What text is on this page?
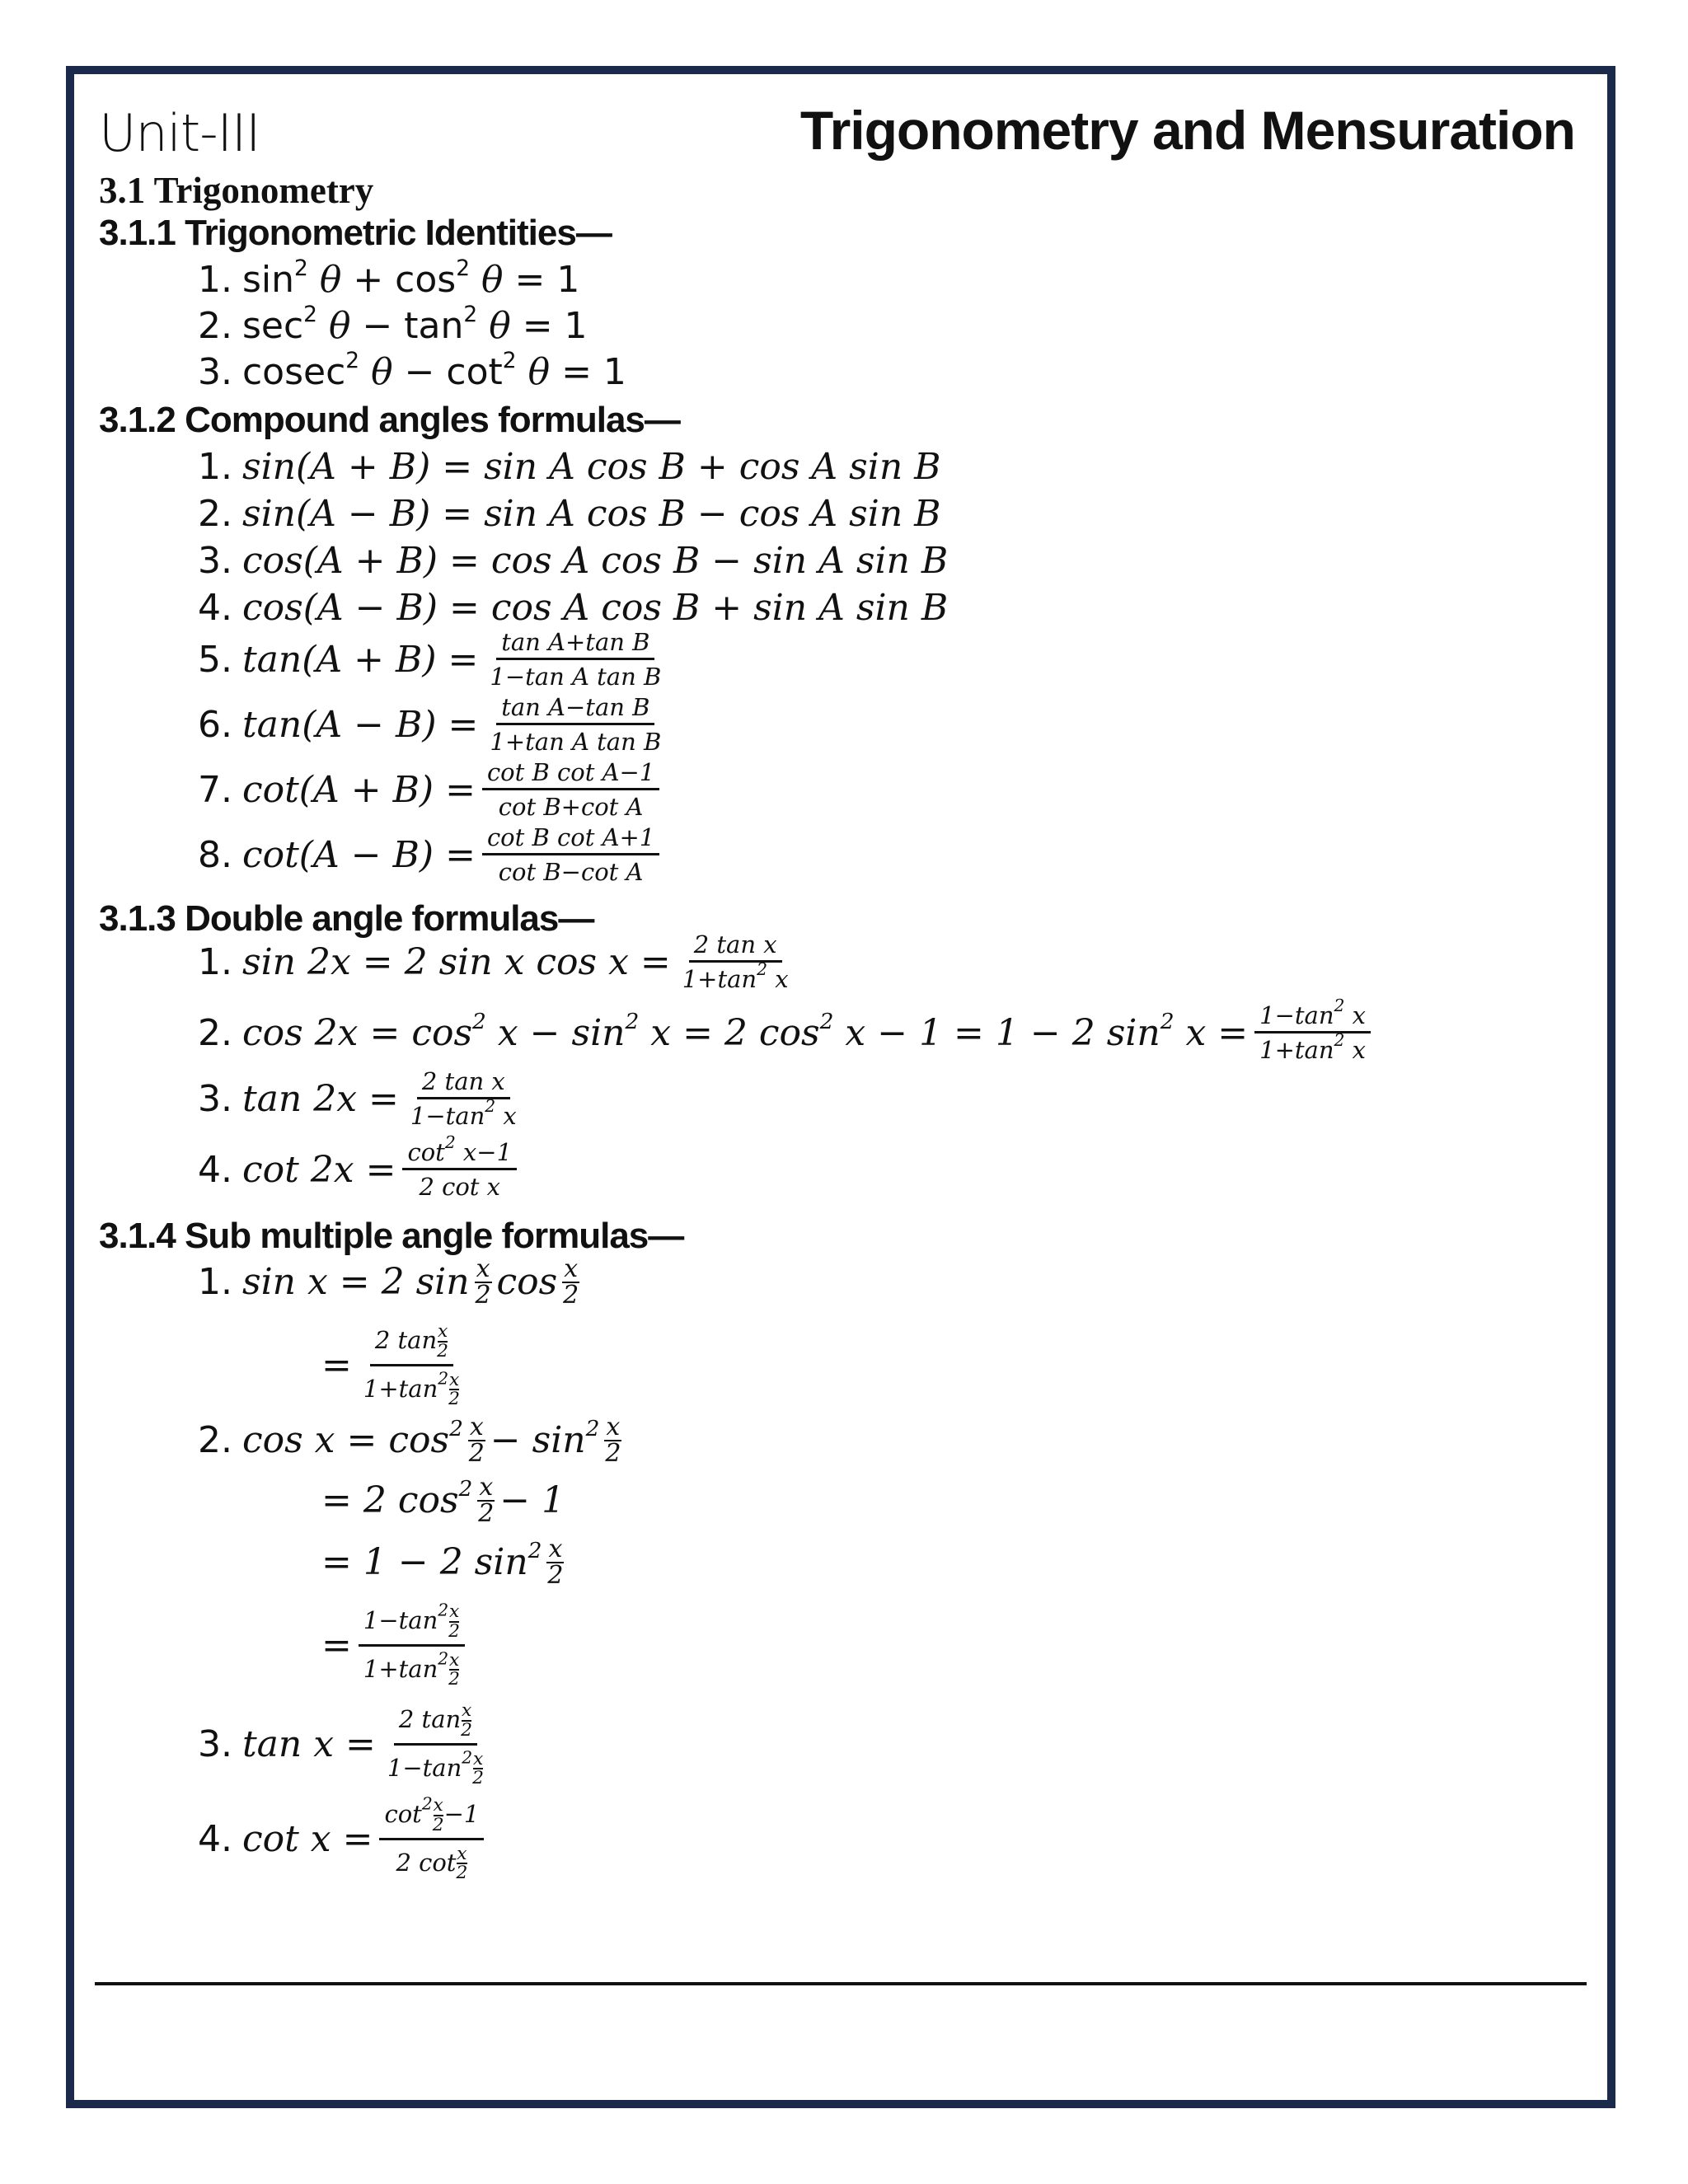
Unit-III	Trigonometry and Mensuration
3.1 Trigonometry
3.1.1 Trigonometric Identities—
1. $\sin^2 \theta + \cos^2 \theta = 1$
2. $\sec^2 \theta - \tan^2 \theta = 1$
3. cosec$^2$ $\theta - \cot^2 \theta = 1$
3.1.2 Compound angles formulas—
1. sin(A + B) = sin A cos B + cos A sin B
2. sin(A − B) = sin A cos B − cos A sin B
3. cos(A + B) = cos A cos B − sin A sin B
4. cos(A − B) = cos A cos B + sin A sin B
5. $\tan(A + B) = \frac{\text{tan A+tan B}}{\text{1−tan A tan B}}$
6. $\tan(A - B) = \frac{\text{tan A−tan B}}{\text{1+tan A tan B}}$
7. $\cot(A + B) = \frac{\text{cot B cot A−1}}{\text{cot B+cot A}}$
8. $\cot(A - B) = \frac{\text{cot B cot A+1}}{\text{cot B−cot A}}$
3.1.3 Double angle formulas—
1. sin 2x = 2 sin x $\cos x = \frac{\text{2 tan x}}{1+\tan^2 x}$
2. $\cos 2x = \cos^2 x - \sin^2 x = 2$ $\cos^2 x - 1 = 1 - 2$ $\sin^2 x = \frac{1-\tan^2 x}{1+\tan^2 x}$
3. $\tan 2x = \frac{\text{2 tan x}}{1-\tan^2 x}$
4. $\cot 2x = \frac{\cot^2 x-1}{\text{2 cot x}}$
3.1.4 Sub multiple angle formulas—
1. sin x = 2 sin x
2 cos x
2
= $\frac{2 \tan \frac{x}{2}}{1+\tan^2 \frac{x}{2}}$
2. $\cos x = \cos^2 x$
$2 - \sin^2 x$
2
= 2 $\cos^2 x$
2 − 1
= 1 − 2 $\sin^2 x$
2
= $\frac{1-\tan^2 \frac{x}{2}}{1+\tan^2 \frac{x}{2}}$
3. $\tan x = \frac{2 \tan \frac{x}{2}}{1-\tan^2 \frac{x}{2}}$
4. $\cot x = \frac{\cot^2 \frac{x}{2} -1}{2 \cot \frac{x}{2}}$
